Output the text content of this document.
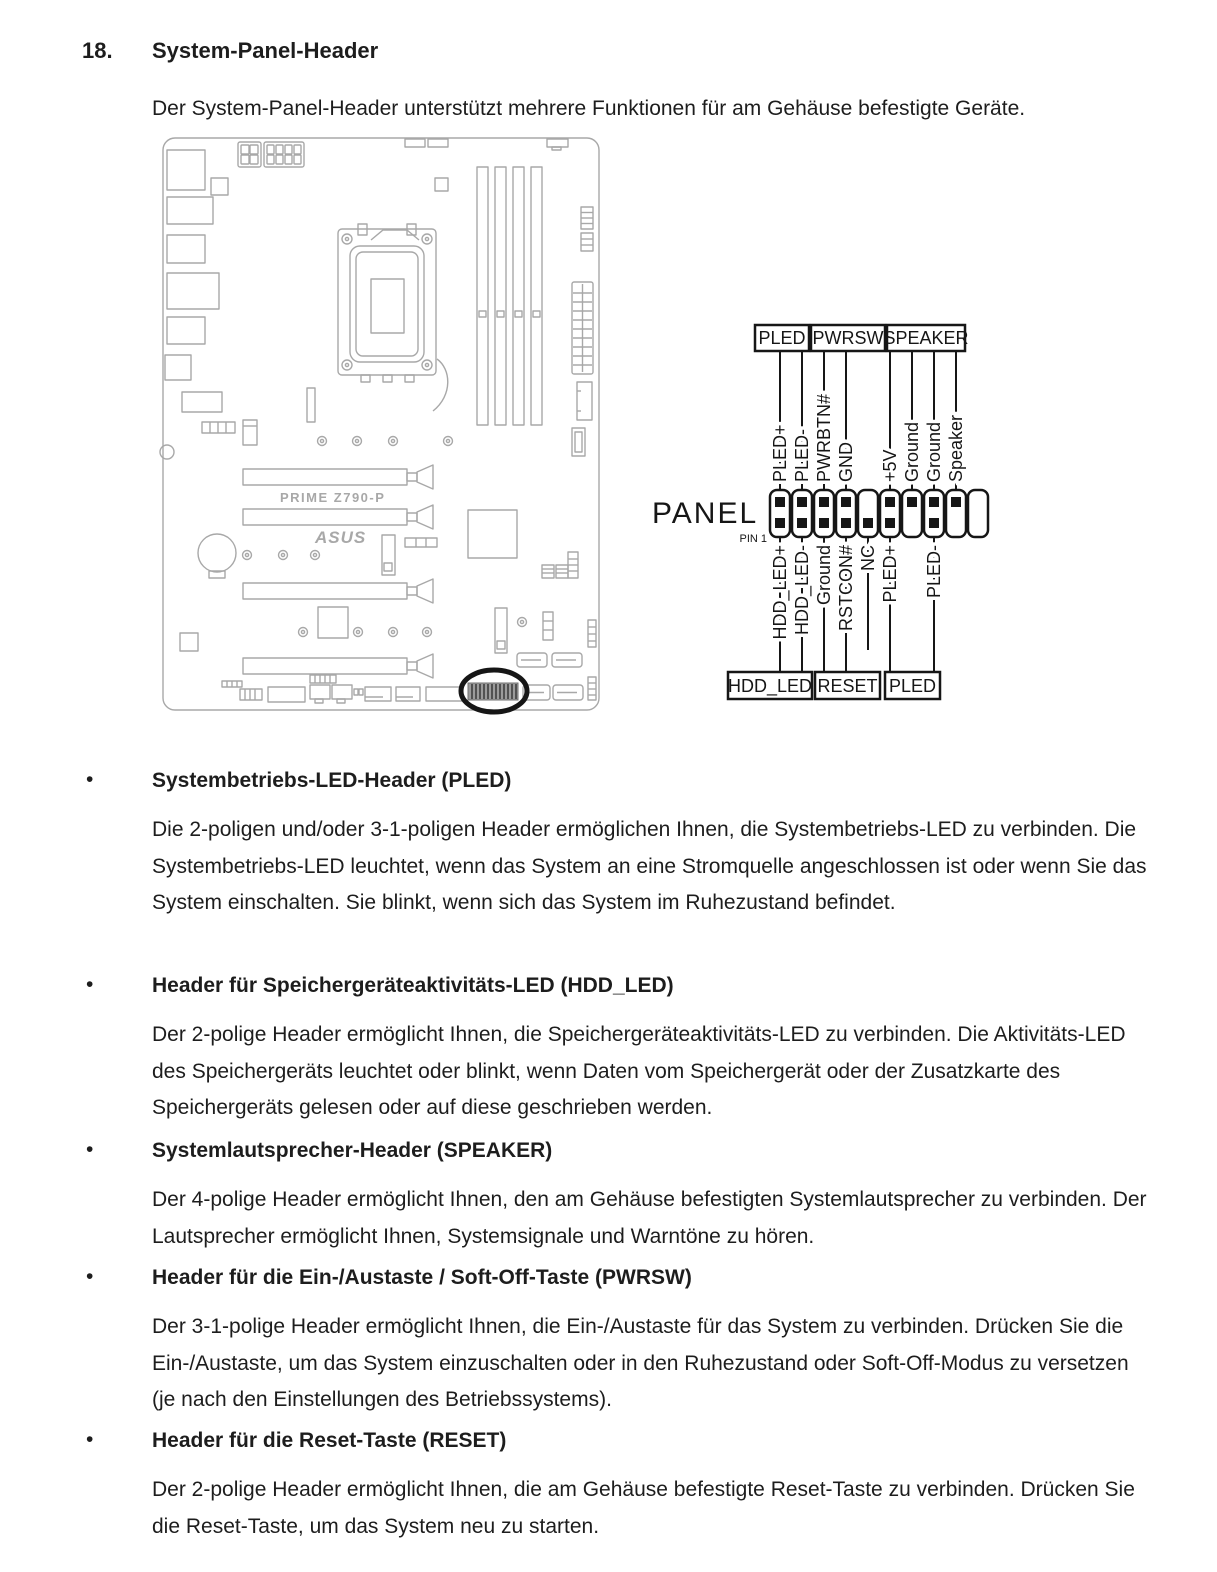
18. System-Panel-Header

Der System-Panel-Header unterstützt mehrere Funktionen für am Gehäuse befestigte Geräte.

PRIME Z790-P
ASUS
PANEL
PIN 1
PLED+ PLED- PWRBTN# GND +5V Ground Ground Speaker
HDD_LED+ HDD_LED- Ground RSTCON# NC PLED+ PLED-
PLED PWRSW SPEAKER
HDD_LED RESET PLED
•	Systembetriebs-LED-Header (PLED)

Die 2-poligen und/oder 3-1-poligen Header ermöglichen Ihnen, die Systembetriebs-LED zu verbinden. Die Systembetriebs-LED leuchtet, wenn das System an eine Stromquelle angeschlossen ist oder wenn Sie das System einschalten. Sie blinkt, wenn sich das System im Ruhezustand befindet.

•	Header für Speichergeräteaktivitäts-LED (HDD_LED)

Der 2-polige Header ermöglicht Ihnen, die Speichergeräteaktivitäts-LED zu verbinden. Die Aktivitäts-LED des Speichergeräts leuchtet oder blinkt, wenn Daten vom Speichergerät oder der Zusatzkarte des Speichergeräts gelesen oder auf diese geschrieben werden.

•	Systemlautsprecher-Header (SPEAKER)

Der 4-polige Header ermöglicht Ihnen, den am Gehäuse befestigten Systemlautsprecher zu verbinden. Der Lautsprecher ermöglicht Ihnen, Systemsignale und Warntöne zu hören.

•	Header für die Ein-/Austaste / Soft-Off-Taste (PWRSW)

Der 3-1-polige Header ermöglicht Ihnen, die Ein-/Austaste für das System zu verbinden. Drücken Sie die Ein-/Austaste, um das System einzuschalten oder in den Ruhezustand oder Soft-Off-Modus zu versetzen (je nach den Einstellungen des Betriebssystems).

•	Header für die Reset-Taste (RESET)

Der 2-polige Header ermöglicht Ihnen, die am Gehäuse befestigte Reset-Taste zu verbinden. Drücken Sie die Reset-Taste, um das System neu zu starten.
